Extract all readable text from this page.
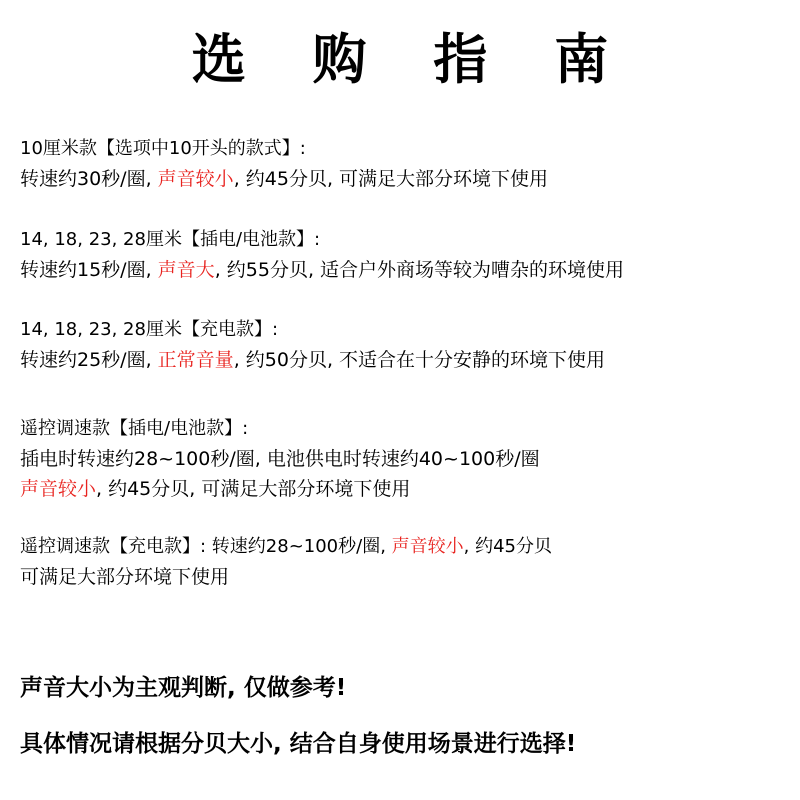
选 购 指 南
10厘米款【选项中10开头的款式】:
转速约30秒/圈, 声音较小, 约45分贝, 可满足大部分环境下使用
14, 18, 23, 28厘米【插电/电池款】:
转速约15秒/圈, 声音大, 约55分贝, 适合户外商场等较为嘈杂的环境使用
14, 18, 23, 28厘米【充电款】:
转速约25秒/圈, 正常音量, 约50分贝, 不适合在十分安静的环境下使用
遥控调速款【插电/电池款】:
插电时转速约28~100秒/圈, 电池供电时转速约40~100秒/圈
声音较小, 约45分贝, 可满足大部分环境下使用
遥控调速款【充电款】: 转速约28~100秒/圈, 声音较小, 约45分贝
可满足大部分环境下使用
声音大小为主观判断, 仅做参考!
具体情况请根据分贝大小, 结合自身使用场景进行选择!
